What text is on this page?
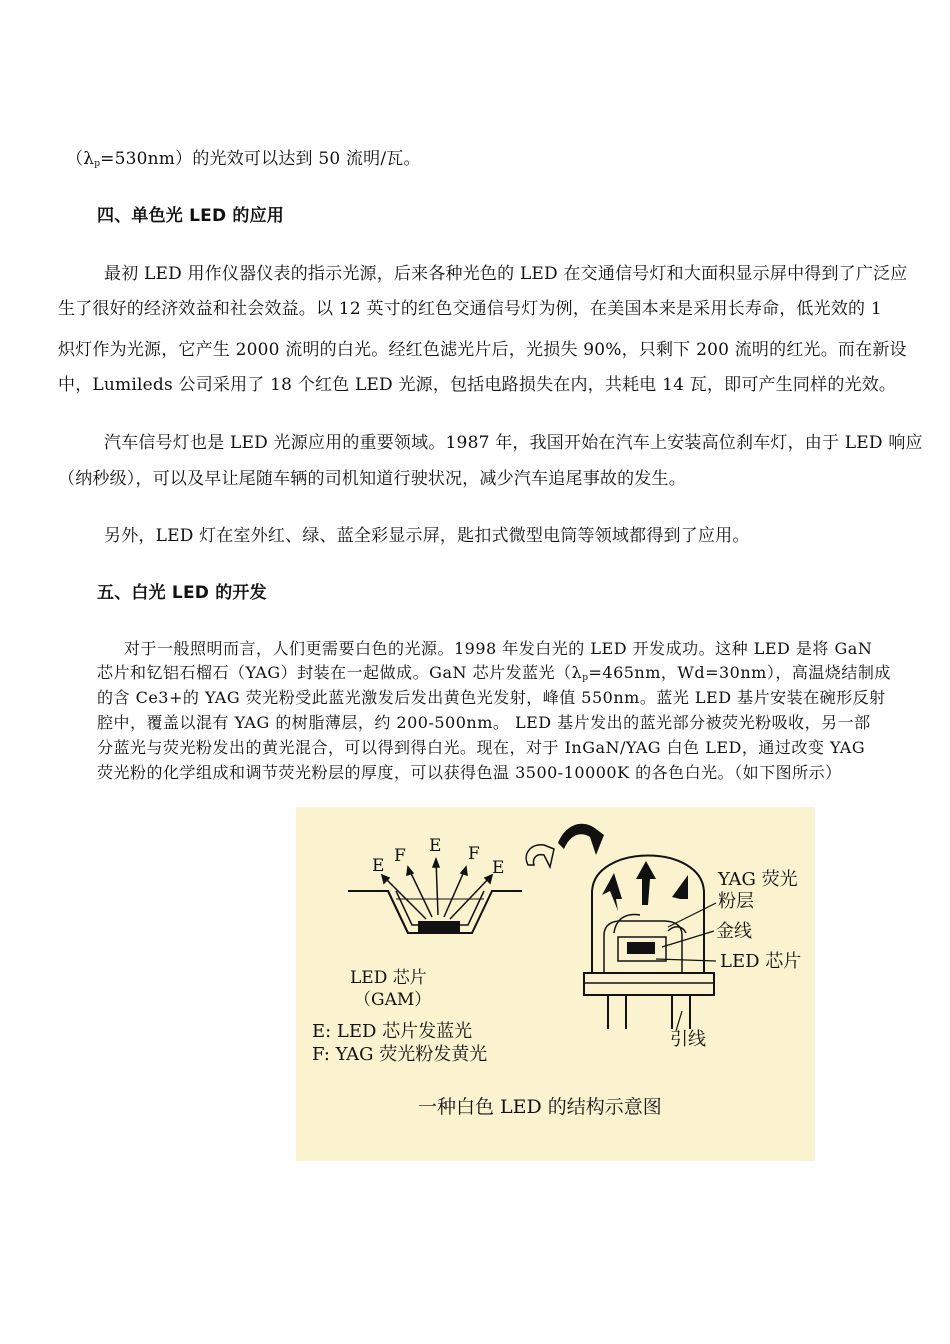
$(\lambda_p=530nm)$的光效可以达到 50 流明/瓦。
四、单色光 LED 的应用
最初 LED 用作仪器仪表的指示光源，后来各种光色的 LED 在交通信号灯和大面积显示屏中得到了广泛应
生了很好的经济效益和社会效益。以 12 英寸的红色交通信号灯为例，在美国本来是采用长寿命，低光效的 1
炽灯作为光源，它产生 2000 流明的白光。经红色滤光片后，光损失 90%，只剩下 200 流明的红光。而在新设
中，Lumileds 公司采用了 18 个红色 LED 光源，包括电路损失在内，共耗电 14 瓦，即可产生同样的光效。
汽车信号灯也是 LED 光源应用的重要领域。1987 年，我国开始在汽车上安装高位刹车灯，由于 LED 响应
（纳秒级），可以及早让尾随车辆的司机知道行驶状况，减少汽车追尾事故的发生。
另外，LED 灯在室外红、绿、蓝全彩显示屏，匙扣式微型电筒等领域都得到了应用。
五、白光 LED 的开发
对于一般照明而言，人们更需要白色的光源。1998 年发白光的 LED 开发成功。这种 LED 是将 GaN
芯片和钇铝石榴石（YAG）封装在一起做成。GaN 芯片发蓝光（$\lambda_p=465nm$，Wd=30nm），高温烧结制成
的含 Ce3+的 YAG 荧光粉受此蓝光激发后发出黄色光发射，峰值 550nm。蓝光 LED 基片安装在碗形反射
腔中，覆盖以混有 YAG 的树脂薄层，约 200-500nm。 LED 基片发出的蓝光部分被荧光粉吸收，另一部
分蓝光与荧光粉发出的黄光混合，可以得到得白光。现在，对于 InGaN/YAG 白色 LED，通过改变 YAG
荧光粉的化学组成和调节荧光粉层的厚度，可以获得色温 3500-10000K 的各色白光。（如下图所示）
E F E F
E
LED 芯片
（GAM）
E: LED 芯片发蓝光
F: YAG 荧光粉发黄光
YAG 荧光
粉层
金线
LED 芯片
引线
一种白色 LED 的结构示意图
